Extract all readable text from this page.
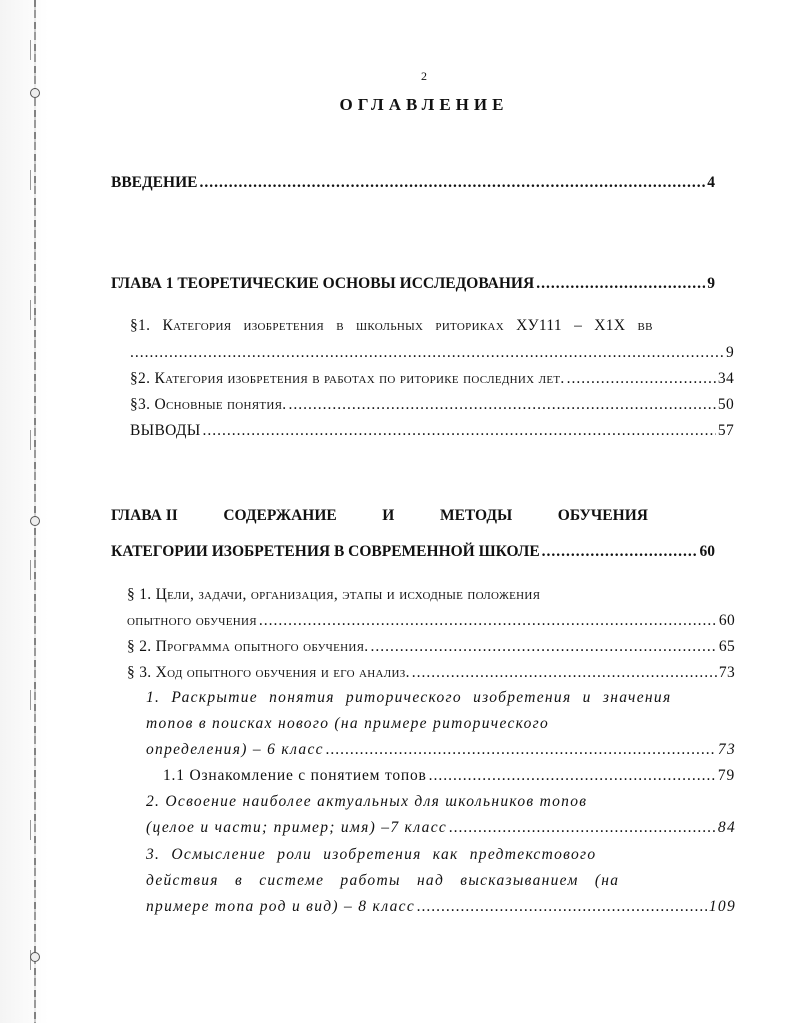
2
ОГЛАВЛЕНИЕ
ВВЕДЕНИЕ .....	4
ГЛАВА 1 ТЕОРЕТИЧЕСКИЕ ОСНОВЫ ИССЛЕДОВАНИЯ .....	9
§1. Категория изобретения в школьных риториках ХУ111 – Х1Х вв
.....
9
§2. Категория изобретения в работах по риторике последних лет. .....	34
§3. Основные понятия. .....	50
ВЫВОДЫ .....	57
ГЛАВА II	СОДЕРЖАНИЕ	И	МЕТОДЫ	ОБУЧЕНИЯ
КАТЕГОРИИ ИЗОБРЕТЕНИЯ В СОВРЕМЕННОЙ ШКОЛЕ .....	60
§ 1. Цели, задачи, организация, этапы и исходные положения
опытного обучения .....	60
§ 2. Программа опытного обучения. .....	65
§ 3. Ход опытного обучения и его анализ. .....	73
1. Раскрытие понятия риторического изобретения и значения
топов в поисках нового (на примере риторического
определения) – 6 класс .....	73
1.1 Ознакомление с понятием топов .....	79
2. Освоение наиболее актуальных для школьников топов
(целое и части; пример; имя) –7 класс .....	84
3. Осмысление роли изобретения как предтекстового
действия в системе работы над высказыванием (на
примере топа род и вид) – 8 класс .....	109
